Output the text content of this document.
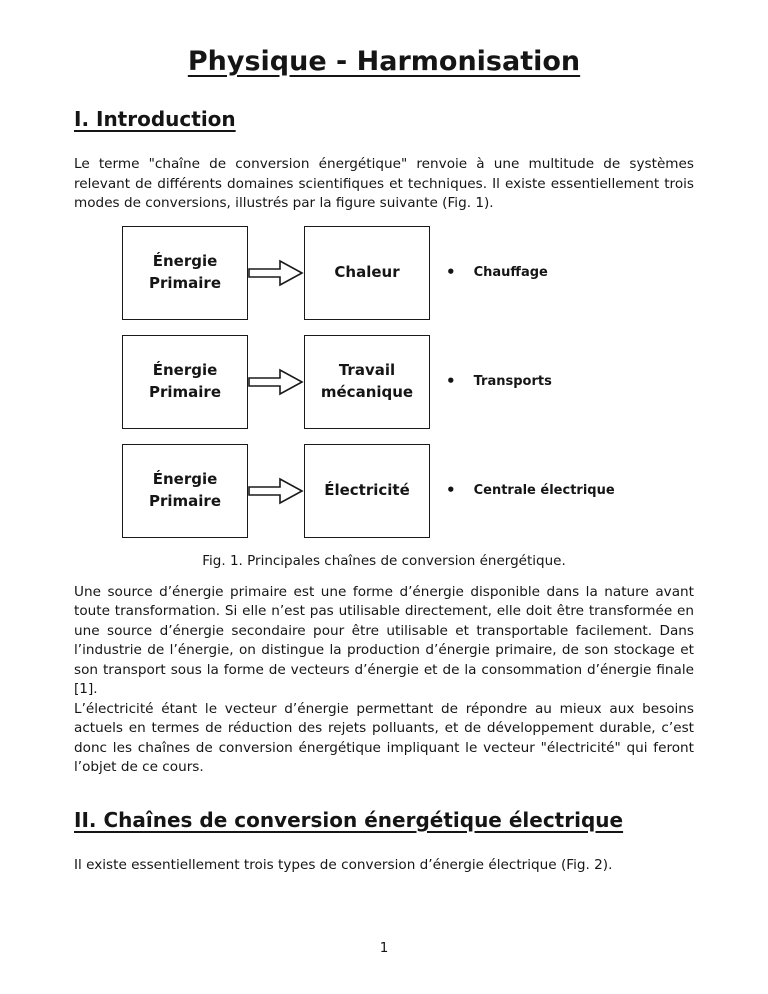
Physique - Harmonisation
I. Introduction

Le terme "chaîne de conversion énergétique" renvoie à une multitude de systèmes relevant de différents domaines scientifiques et techniques. Il existe essentiellement trois modes de conversions, illustrés par la figure suivante (Fig. 1).

Énergie Primaire
Chaleur	• Chauffage
Énergie Primaire
Travail mécanique
• Transports
Énergie Primaire
Électricité	• Centrale électrique
Fig. 1. Principales chaînes de conversion énergétique.

Une source d’énergie primaire est une forme d’énergie disponible dans la nature avant toute transformation. Si elle n’est pas utilisable directement, elle doit être transformée en une source d’énergie secondaire pour être utilisable et transportable facilement. Dans l’industrie de l’énergie, on distingue la production d’énergie primaire, de son stockage et son transport sous la forme de vecteurs d’énergie et de la consommation d’énergie finale [1].

L’électricité étant le vecteur d’énergie permettant de répondre au mieux aux besoins actuels en termes de réduction des rejets polluants, et de développement durable, c’est donc les chaînes de conversion énergétique impliquant le vecteur "électricité" qui feront l’objet de ce cours.

II. Chaînes de conversion énergétique électrique

Il existe essentiellement trois types de conversion d’énergie électrique (Fig. 2).

1
